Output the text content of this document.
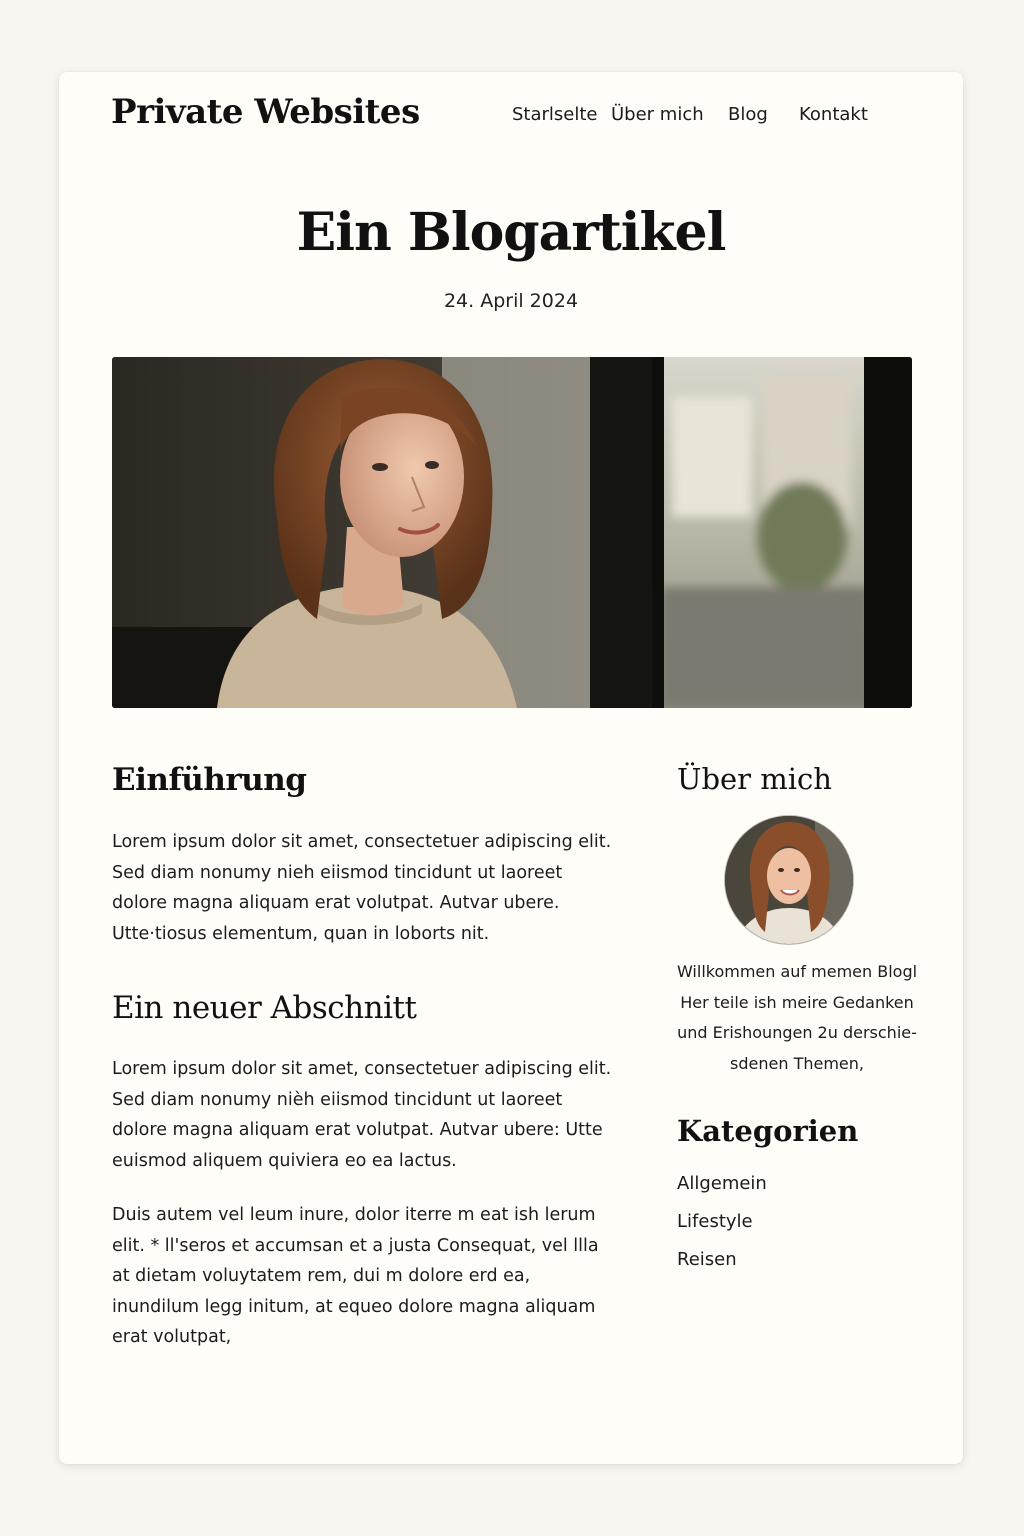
Private Websites	Starlselte Über mich Blog Kontakt
Ein Blogartikel
24. April 2024
Einführung

Lorem ipsum dolor sit amet, consectetuer adipiscing elit. Sed diam nonumy nieh eiismod tincidunt ut laoreet dolore magna aliquam erat volutpat. Autvar ubere. Utte·tiosus elementum, quan in loborts nit.

Ein neuer Abschnitt

Lorem ipsum dolor sit amet, consectetuer adipiscing elit. Sed diam nonumy nièh eiismod tincidunt ut laoreet dolore magna aliquam erat volutpat. Autvar ubere: Utte euismod aliquem quiviera eo ea lactus.

Duis autem vel leum inure, dolor iterre m eat ish lerum elit. * ll'seros et accumsan et a justa Consequat, vel llla at dietam voluytatem rem, dui m dolore erd ea, inundilum legg initum, at equeo dolore magna aliquam erat volutpat,

Über mich

Willkommen auf memen Blogl Her teile ish meire Gedanken und Erishoungen 2u derschie-sdenen Themen,

Kategorien
Allgemein
Lifestyle
Reisen
